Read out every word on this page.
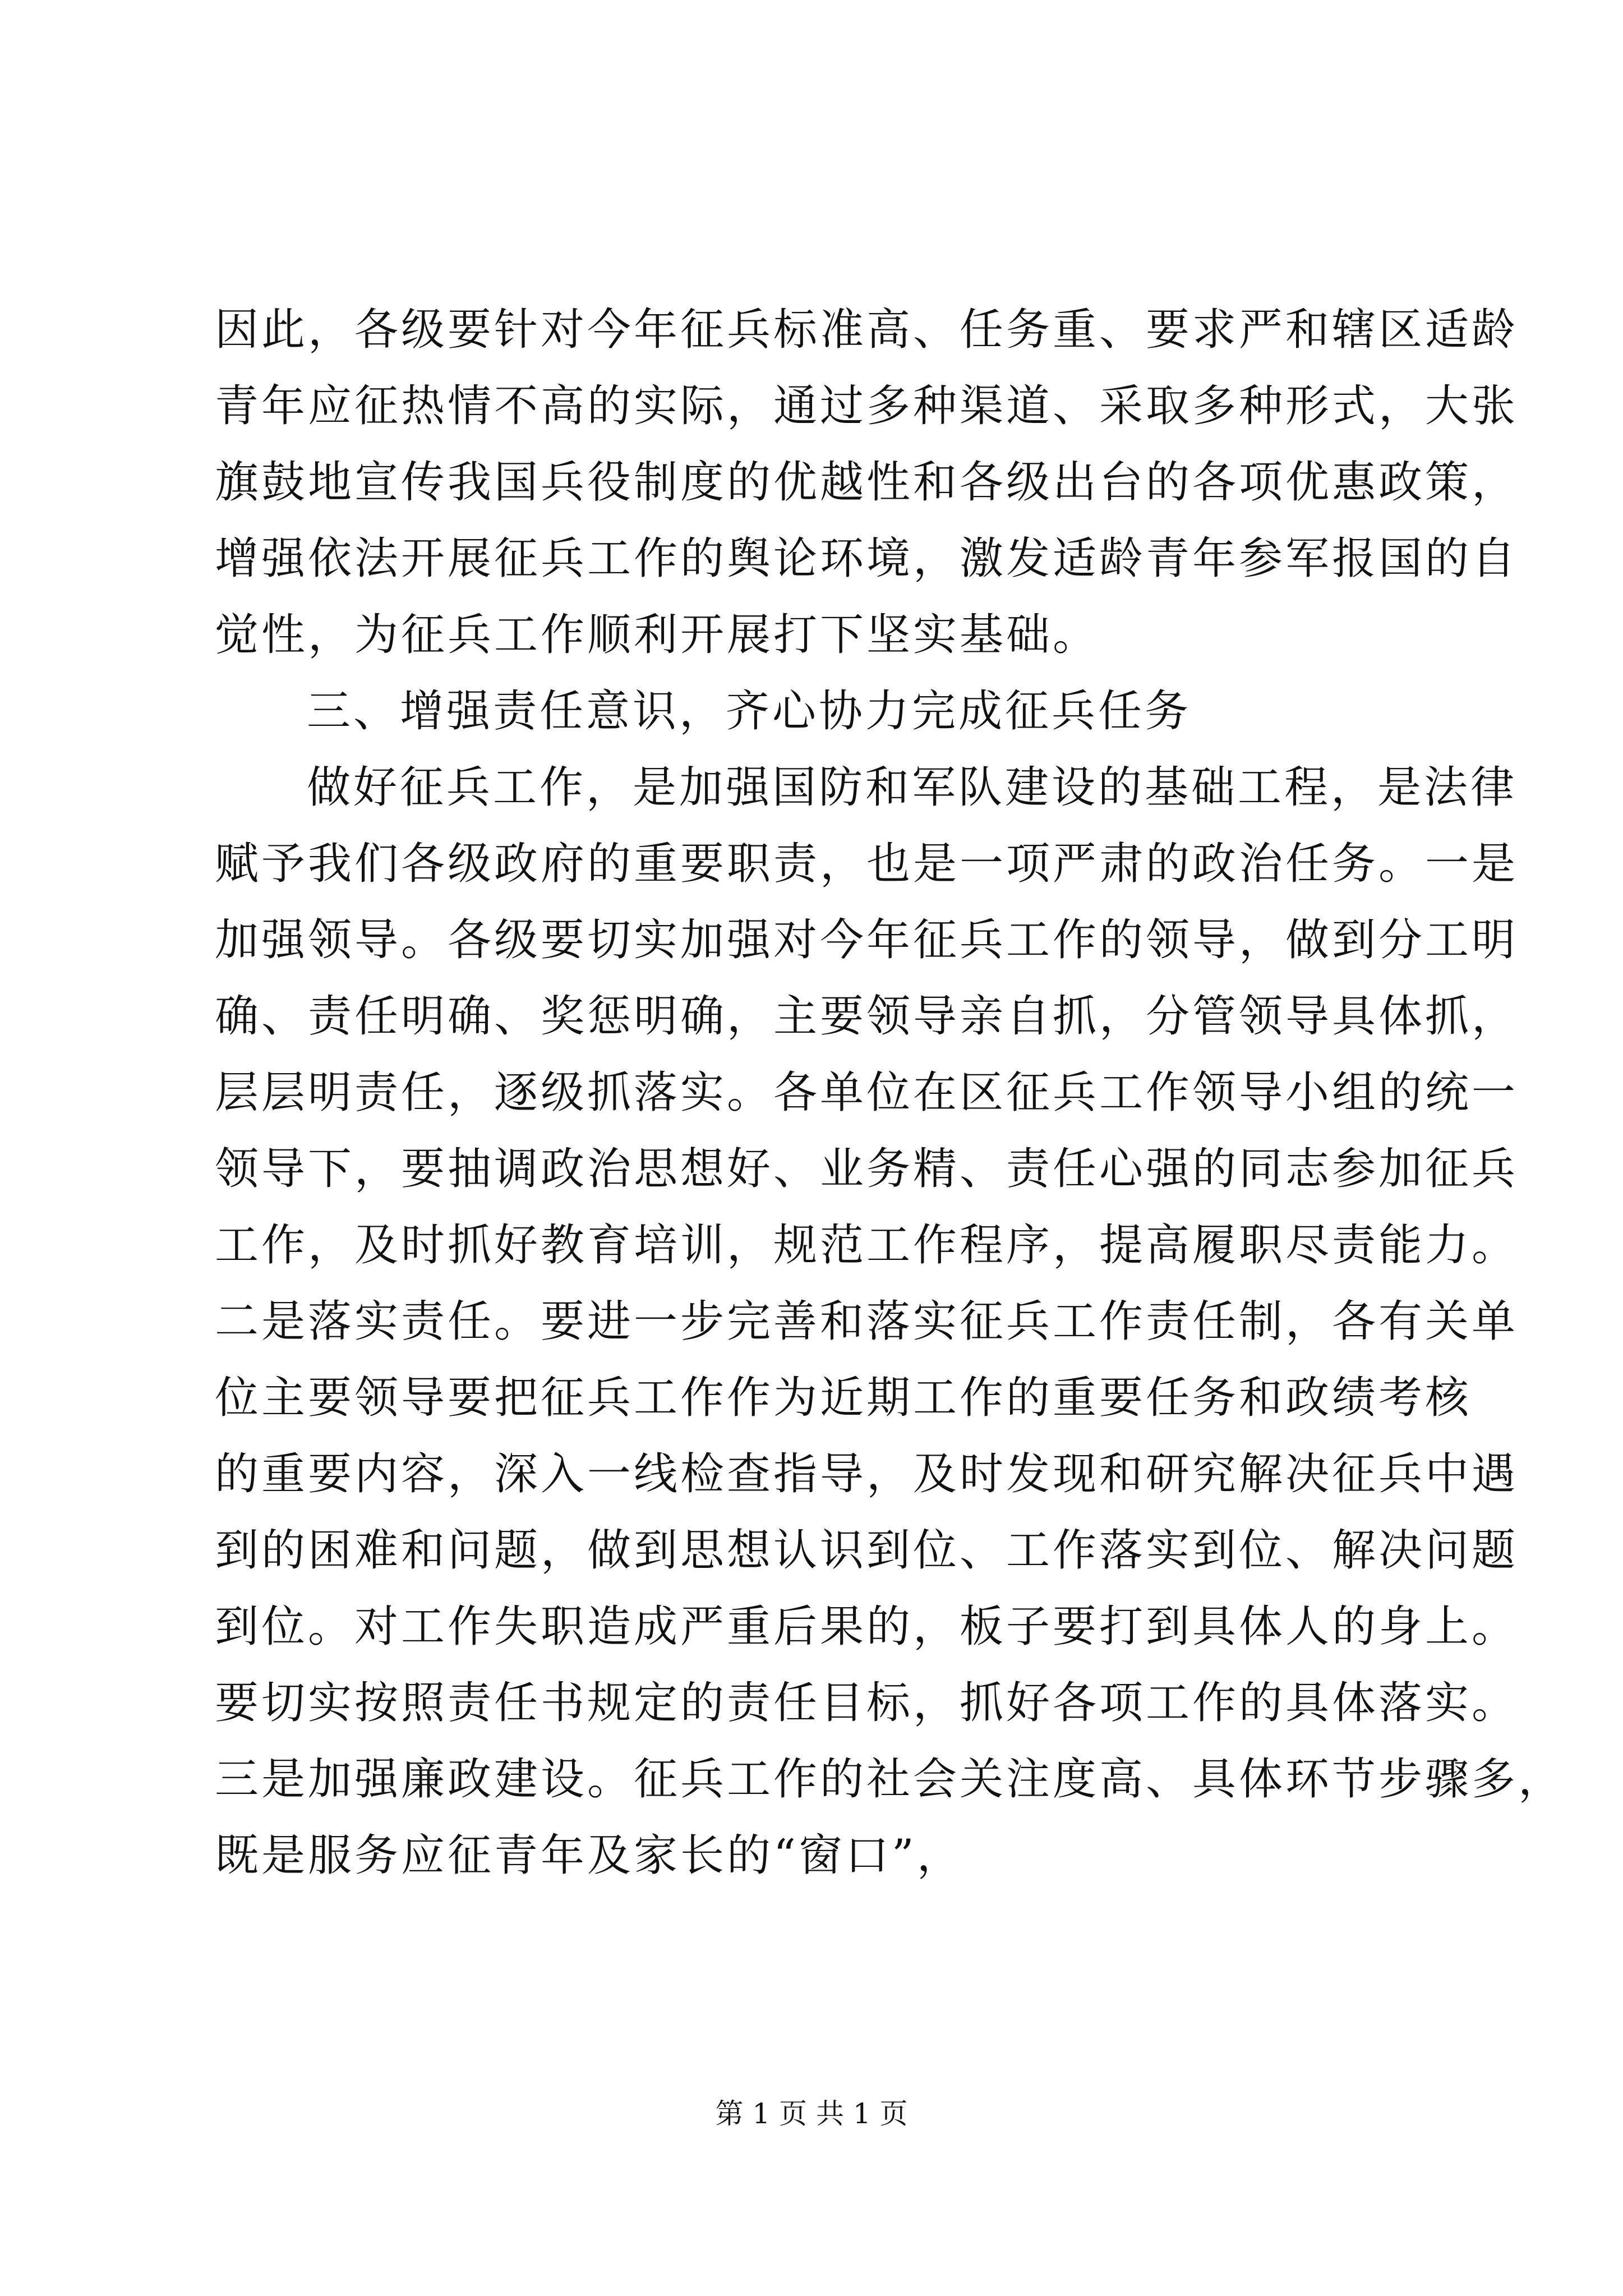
因此，各级要针对今年征兵标准高、任务重、要求严和辖区适龄
青年应征热情不高的实际，通过多种渠道、采取多种形式，大张
旗鼓地宣传我国兵役制度的优越性和各级出台的各项优惠政策，
增强依法开展征兵工作的舆论环境，激发适龄青年参军报国的自
觉性，为征兵工作顺利开展打下坚实基础。
三、增强责任意识，齐心协力完成征兵任务
做好征兵工作，是加强国防和军队建设的基础工程，是法律
赋予我们各级政府的重要职责，也是一项严肃的政治任务。一是
加强领导。各级要切实加强对今年征兵工作的领导，做到分工明
确、责任明确、奖惩明确，主要领导亲自抓，分管领导具体抓，
层层明责任，逐级抓落实。各单位在区征兵工作领导小组的统一
领导下，要抽调政治思想好、业务精、责任心强的同志参加征兵
工作，及时抓好教育培训，规范工作程序，提高履职尽责能力。
二是落实责任。要进一步完善和落实征兵工作责任制，各有关单
位主要领导要把征兵工作作为近期工作的重要任务和政绩考核
的重要内容，深入一线检查指导，及时发现和研究解决征兵中遇
到的困难和问题，做到思想认识到位、工作落实到位、解决问题
到位。对工作失职造成严重后果的，板子要打到具体人的身上。
要切实按照责任书规定的责任目标，抓好各项工作的具体落实。
三是加强廉政建设。征兵工作的社会关注度高、具体环节步骤多，
既是服务应征青年及家长的“窗口”，
第 1 页 共 1 页
